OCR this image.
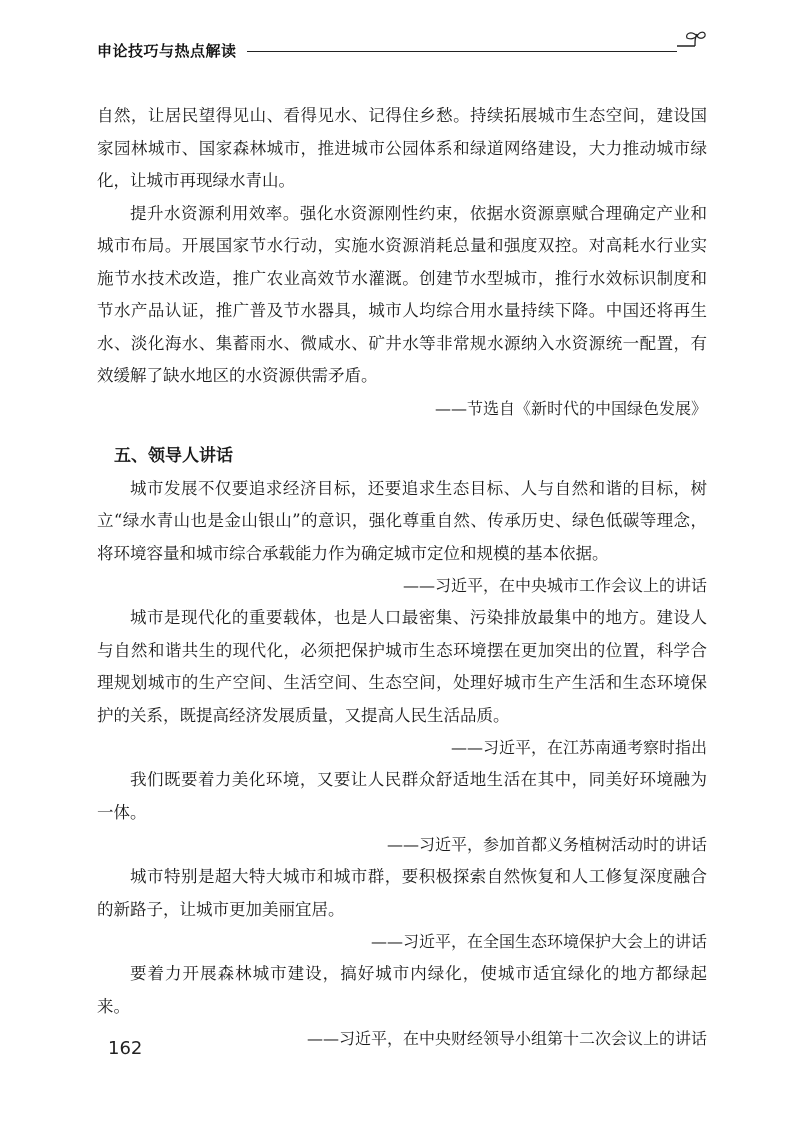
申论技巧与热点解读

自然，让居民望得见山、看得见水、记得住乡愁。持续拓展城市生态空间，建设国家园林城市、国家森林城市，推进城市公园体系和绿道网络建设，大力推动城市绿化，让城市再现绿水青山。

提升水资源利用效率。强化水资源刚性约束，依据水资源禀赋合理确定产业和城市布局。开展国家节水行动，实施水资源消耗总量和强度双控。对高耗水行业实施节水技术改造，推广农业高效节水灌溉。创建节水型城市，推行水效标识制度和节水产品认证，推广普及节水器具，城市人均综合用水量持续下降。中国还将再生水、淡化海水、集蓄雨水、微咸水、矿井水等非常规水源纳入水资源统一配置，有效缓解了缺水地区的水资源供需矛盾。

——节选自《新时代的中国绿色发展》

五、领导人讲话

城市发展不仅要追求经济目标，还要追求生态目标、人与自然和谐的目标，树立“绿水青山也是金山银山”的意识，强化尊重自然、传承历史、绿色低碳等理念，将环境容量和城市综合承载能力作为确定城市定位和规模的基本依据。

——习近平，在中央城市工作会议上的讲话

城市是现代化的重要载体，也是人口最密集、污染排放最集中的地方。建设人与自然和谐共生的现代化，必须把保护城市生态环境摆在更加突出的位置，科学合理规划城市的生产空间、生活空间、生态空间，处理好城市生产生活和生态环境保护的关系，既提高经济发展质量，又提高人民生活品质。

——习近平，在江苏南通考察时指出

我们既要着力美化环境，又要让人民群众舒适地生活在其中，同美好环境融为一体。

——习近平，参加首都义务植树活动时的讲话

城市特别是超大特大城市和城市群，要积极探索自然恢复和人工修复深度融合的新路子，让城市更加美丽宜居。

——习近平，在全国生态环境保护大会上的讲话

要着力开展森林城市建设，搞好城市内绿化，使城市适宜绿化的地方都绿起来。

——习近平，在中央财经领导小组第十二次会议上的讲话

162
